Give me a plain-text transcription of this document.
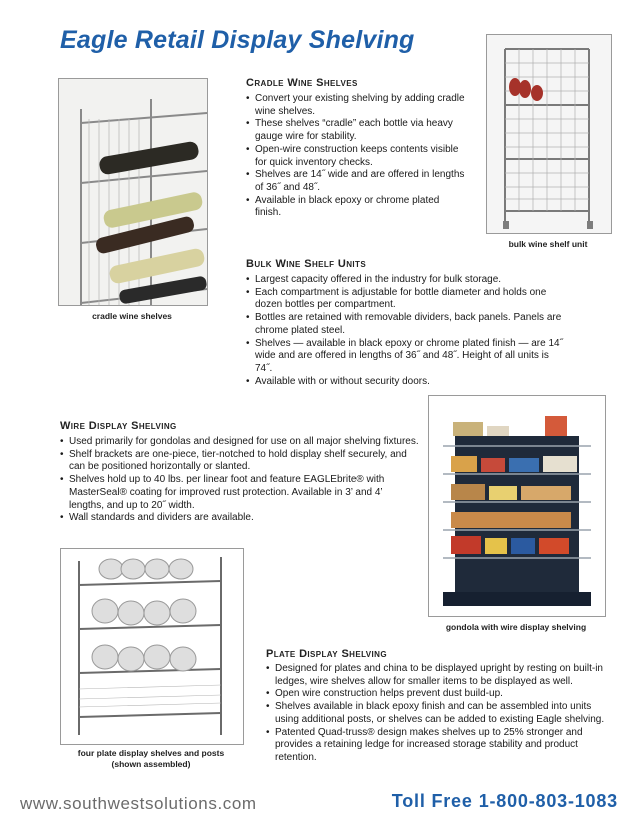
Eagle Retail Display Shelving
cradle wine shelves
bulk wine shelf unit
Cradle Wine Shelves
• Convert your existing shelving by adding cradle wine shelves.
• These shelves “cradle” each bottle via heavy gauge wire for stability.
• Open-wire construction keeps contents visible for quick inventory checks.
• Shelves are 14˝ wide and are offered in lengths of 36˝ and 48˝.
• Available in black epoxy or chrome plated finish.
Bulk Wine Shelf Units
• Largest capacity offered in the industry for bulk storage.
• Each compartment is adjustable for bottle diameter and holds one dozen bottles per compartment.
• Bottles are retained with removable dividers, back panels. Panels are chrome plated steel.
• Shelves — available in black epoxy or chrome plated finish — are 14˝ wide and are offered in lengths of 36˝ and 48˝. Height of all units is 74˝.
• Available with or without security doors.
Wire Display Shelving
• Used primarily for gondolas and designed for use on all major shelving fixtures.
• Shelf brackets are one-piece, tier-notched to hold display shelf securely, and can be positioned horizontally or slanted.
• Shelves hold up to 40 lbs. per linear foot and feature EAGLEbrite® with MasterSeal® coating for improved rust protection. Available in 3’ and 4’ lengths, and up to 20˝ width.
• Wall standards and dividers are available.
gondola with wire display shelving
four plate display shelves and posts
(shown assembled)
Plate Display Shelving
• Designed for plates and china to be displayed upright by resting on built-in ledges, wire shelves allow for smaller items to be displayed as well.
• Open wire construction helps prevent dust build-up.
• Shelves available in black epoxy finish and can be assembled into units using additional posts, or shelves can be added to existing Eagle shelving.
• Patented Quad-truss® design makes shelves up to 25% stronger and provides a retaining ledge for increased storage stability and product retention.
www.southwestsolutions.com	Toll Free 1-800-803-1083
